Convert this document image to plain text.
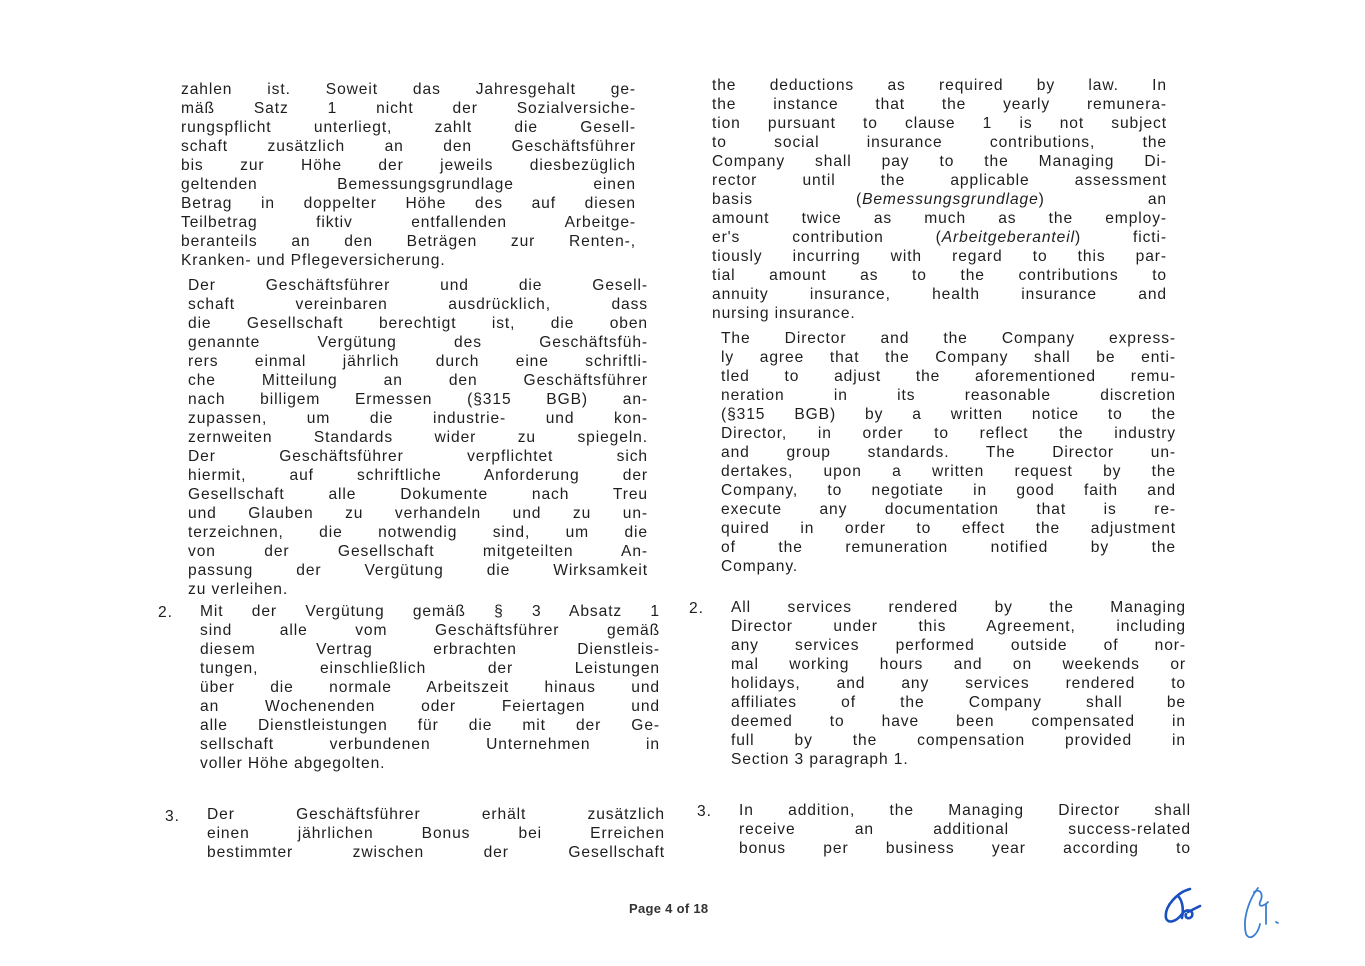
zahlen ist. Soweit das Jahresgehalt ge-
mäß Satz 1 nicht der Sozialversiche-
rungspflicht unterliegt, zahlt die Gesell-
schaft zusätzlich an den Geschäftsführer
bis zur Höhe der jeweils diesbezüglich
geltenden Bemessungsgrundlage einen
Betrag in doppelter Höhe des auf diesen
Teilbetrag fiktiv entfallenden Arbeitge-
beranteils an den Beträgen zur Renten-,
Kranken- und Pflegeversicherung.
Der Geschäftsführer und die Gesell-
schaft vereinbaren ausdrücklich, dass
die Gesellschaft berechtigt ist, die oben
genannte Vergütung des Geschäftsfüh-
rers einmal jährlich durch eine schriftli-
che Mitteilung an den Geschäftsführer
nach billigem Ermessen (§315 BGB) an-
zupassen, um die industrie- und kon-
zernweiten Standards wider zu spiegeln.
Der Geschäftsführer verpflichtet sich
hiermit, auf schriftliche Anforderung der
Gesellschaft alle Dokumente nach Treu
und Glauben zu verhandeln und zu un-
terzeichnen, die notwendig sind, um die
von der Gesellschaft mitgeteilten An-
passung der Vergütung die Wirksamkeit
zu verleihen.
2. Mit der Vergütung gemäß § 3 Absatz 1
sind alle vom Geschäftsführer gemäß
diesem Vertrag erbrachten Dienstleis-
tungen, einschließlich der Leistungen
über die normale Arbeitszeit hinaus und
an Wochenenden oder Feiertagen und
alle Dienstleistungen für die mit der Ge-
sellschaft verbundenen Unternehmen in
voller Höhe abgegolten.
3. Der Geschäftsführer erhält zusätzlich
einen jährlichen Bonus bei Erreichen
bestimmter zwischen der Gesellschaft
the deductions as required by law. In
the instance that the yearly remunera-
tion pursuant to clause 1 is not subject
to social insurance contributions, the
Company shall pay to the Managing Di-
rector until the applicable assessment
basis	(Bemessungsgrundlage)	an
amount twice as much as the employ-
er's contribution (Arbeitgeberanteil) ficti-
tiously incurring with regard to this par-
tial amount as to the contributions to
annuity insurance, health insurance and
nursing insurance.
The Director and the Company express-
ly agree that the Company shall be enti-
tled to adjust the aforementioned remu-
neration in its reasonable discretion
(§315 BGB) by a written notice to the
Director, in order to reflect the industry
and group standards. The Director un-
dertakes, upon a written request by the
Company, to negotiate in good faith and
execute any documentation that is re-
quired in order to effect the adjustment
of the remuneration notified by the
Company.
2. All services rendered by the Managing
Director under this Agreement, including
any services performed outside of nor-
mal working hours and on weekends or
holidays, and any services rendered to
affiliates of the Company shall be
deemed to have been compensated in
full by the compensation provided in
Section 3 paragraph 1.
3. In addition, the Managing Director shall
receive an additional success-related
bonus per business year according to
Page 4 of 18
